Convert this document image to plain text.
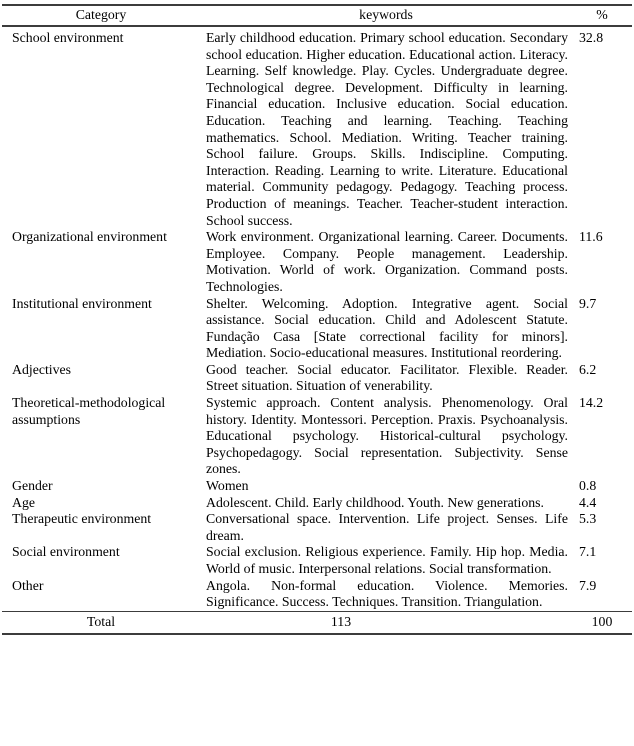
Category	keywords	%
School environment	Early childhood education. Primary school education. Secondary school education. Higher education. Educational action. Literacy. Learning. Self knowledge. Play. Cycles. Undergraduate degree. Technological degree. Development. Difficulty in learning. Financial education. Inclusive education. Social education. Education. Teaching and learning. Teaching. Teaching mathematics. School. Mediation. Writing. Teacher training. School failure. Groups. Skills. Indiscipline. Computing. Interaction. Reading. Learning to write. Literature. Educational material. Community pedagogy. Pedagogy. Teaching process. Production of meanings. Teacher. Teacher-student interaction. School success.	32.8
Organizational environment	Work environment. Organizational learning. Career. Documents. Employee. Company. People management. Leadership. Motivation. World of work. Organization. Command posts. Technologies.	11.6
Institutional environment	Shelter. Welcoming. Adoption. Integrative agent. Social assistance. Social education. Child and Adolescent Statute. Fundação Casa [State correctional facility for minors]. Mediation. Socio-educational measures. Institutional reordering.	9.7
Adjectives	Good teacher. Social educator. Facilitator. Flexible. Reader. Street situation. Situation of venerability.	6.2
Theoretical-methodological assumptions	Systemic approach. Content analysis. Phenomenology. Oral history. Identity. Montessori. Perception. Praxis. Psychoanalysis. Educational psychology. Historical-cultural psychology. Psychopedagogy. Social representation. Subjectivity. Sense zones.	14.2
Gender	Women	0.8
Age	Adolescent. Child. Early childhood. Youth. New generations.	4.4
Therapeutic environment	Conversational space. Intervention. Life project. Senses. Life dream.	5.3
Social environment	Social exclusion. Religious experience. Family. Hip hop. Media. World of music. Interpersonal relations. Social transformation.	7.1
Other	Angola. Non-formal education. Violence. Memories. Significance. Success. Techniques. Transition. Triangulation.	7.9
Total	113	100
